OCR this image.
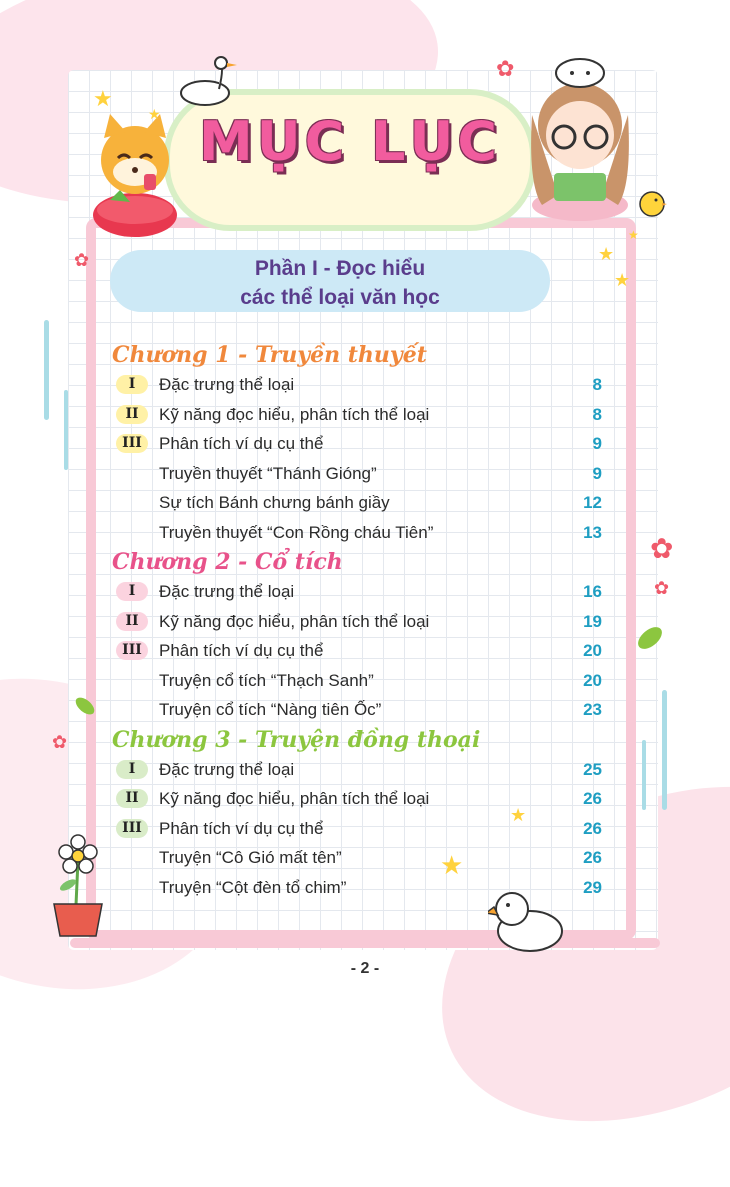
MỤC LỤC
★
★
★
★
★
★
★
✿
✿
✿
✿
✿
Phần I - Đọc hiểu
các thể loại văn học
Chương 1 - Truyền thuyết
I	Đặc trưng thể loại	8
II	Kỹ năng đọc hiểu, phân tích thể loại	8
III	Phân tích ví dụ cụ thể	9
Truyền thuyết “Thánh Gióng”	9
Sự tích Bánh chưng bánh giầy	12
Truyền thuyết “Con Rồng cháu Tiên”	13
Chương 2 - Cổ tích
I	Đặc trưng thể loại	16
II	Kỹ năng đọc hiểu, phân tích thể loại	19
III	Phân tích ví dụ cụ thể	20
Truyện cổ tích “Thạch Sanh”	20
Truyện cổ tích “Nàng tiên Ốc”	23
Chương 3 - Truyện đồng thoại
I	Đặc trưng thể loại	25
II	Kỹ năng đọc hiểu, phân tích thể loại	26
III	Phân tích ví dụ cụ thể	26
Truyện “Cô Gió mất tên”	26
Truyện “Cột đèn tổ chim”	29
- 2 -
